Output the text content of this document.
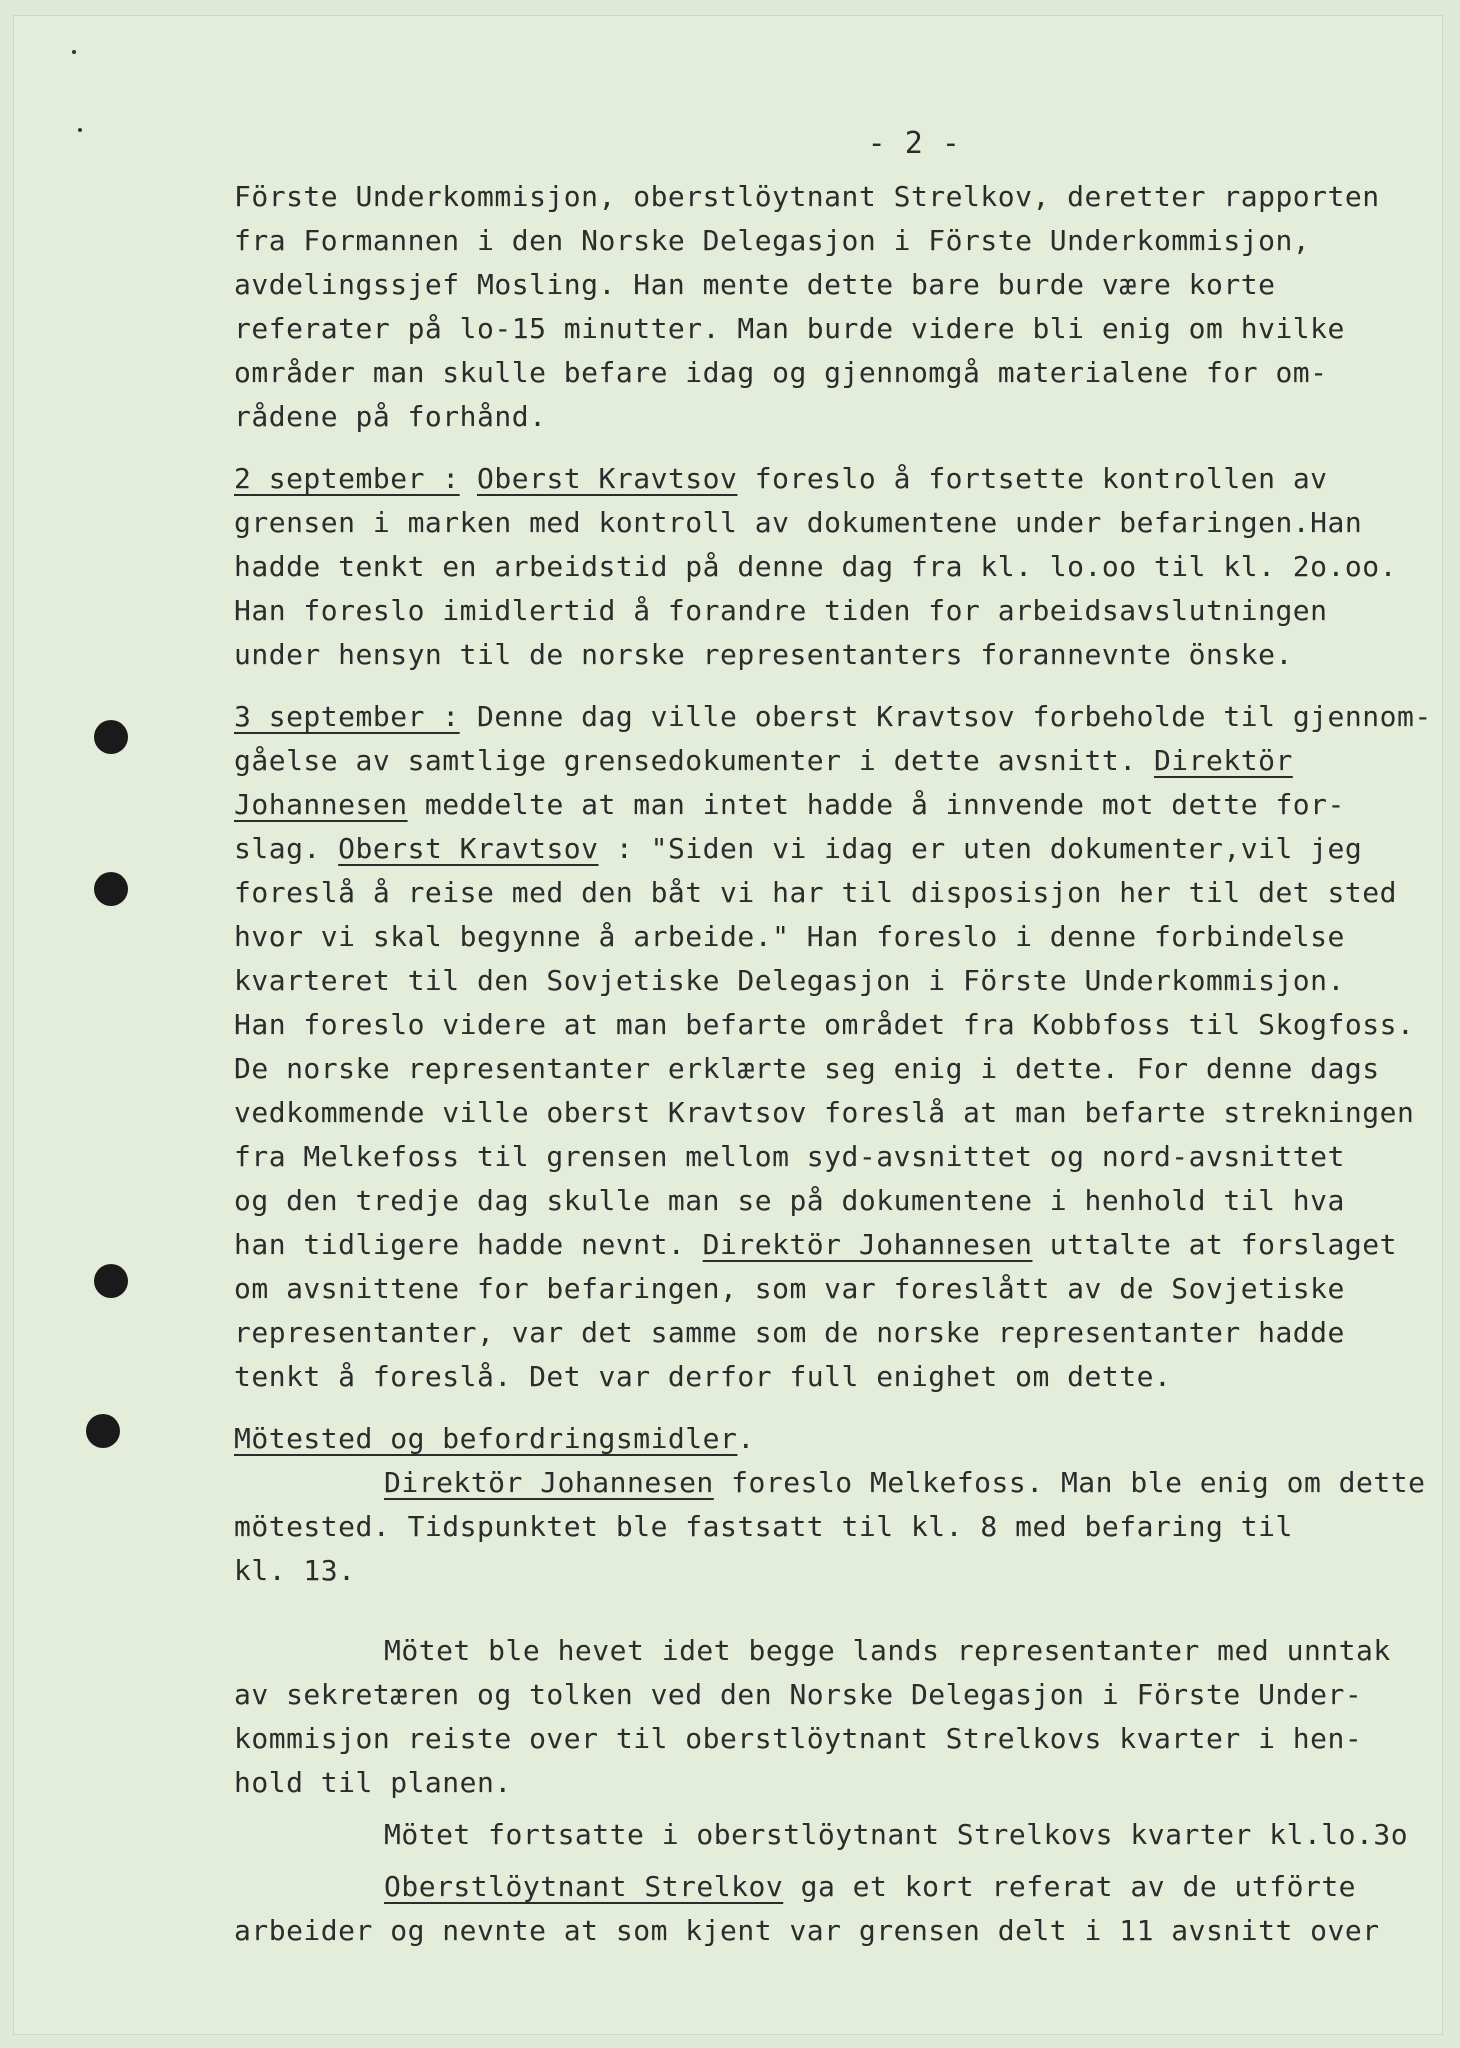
- 2 -
Förste Underkommisjon, oberstlöytnant Strelkov, deretter rapporten
fra Formannen i den Norske Delegasjon i Förste Underkommisjon,
avdelingssjef Mosling. Han mente dette bare burde være korte
referater på lo-15 minutter. Man burde videre bli enig om hvilke
områder man skulle befare idag og gjennomgå materialene for om-
rådene på forhånd.
2 september : Oberst Kravtsov foreslo å fortsette kontrollen av
grensen i marken med kontroll av dokumentene under befaringen.Han
hadde tenkt en arbeidstid på denne dag fra kl. lo.oo til kl. 2o.oo.
Han foreslo imidlertid å forandre tiden for arbeidsavslutningen
under hensyn til de norske representanters forannevnte önske.
3 september : Denne dag ville oberst Kravtsov forbeholde til gjennom-
gåelse av samtlige grensedokumenter i dette avsnitt. Direktör
Johannesen meddelte at man intet hadde å innvende mot dette for-
slag. Oberst Kravtsov : "Siden vi idag er uten dokumenter,vil jeg
foreslå å reise med den båt vi har til disposisjon her til det sted
hvor vi skal begynne å arbeide." Han foreslo i denne forbindelse
kvarteret til den Sovjetiske Delegasjon i Förste Underkommisjon.
Han foreslo videre at man befarte området fra Kobbfoss til Skogfoss.
De norske representanter erklærte seg enig i dette. For denne dags
vedkommende ville oberst Kravtsov foreslå at man befarte strekningen
fra Melkefoss til grensen mellom syd-avsnittet og nord-avsnittet
og den tredje dag skulle man se på dokumentene i henhold til hva
han tidligere hadde nevnt. Direktör Johannesen uttalte at forslaget
om avsnittene for befaringen, som var foreslått av de Sovjetiske
representanter, var det samme som de norske representanter hadde
tenkt å foreslå. Det var derfor full enighet om dette.
Mötested og befordringsmidler.
Direktör Johannesen foreslo Melkefoss. Man ble enig om dette
mötested. Tidspunktet ble fastsatt til kl. 8 med befaring til
kl. 13.
Mötet ble hevet idet begge lands representanter med unntak
av sekretæren og tolken ved den Norske Delegasjon i Förste Under-
kommisjon reiste over til oberstlöytnant Strelkovs kvarter i hen-
hold til planen.
Mötet fortsatte i oberstlöytnant Strelkovs kvarter kl.lo.3o
Oberstlöytnant Strelkov ga et kort referat av de utförte
arbeider og nevnte at som kjent var grensen delt i 11 avsnitt over
